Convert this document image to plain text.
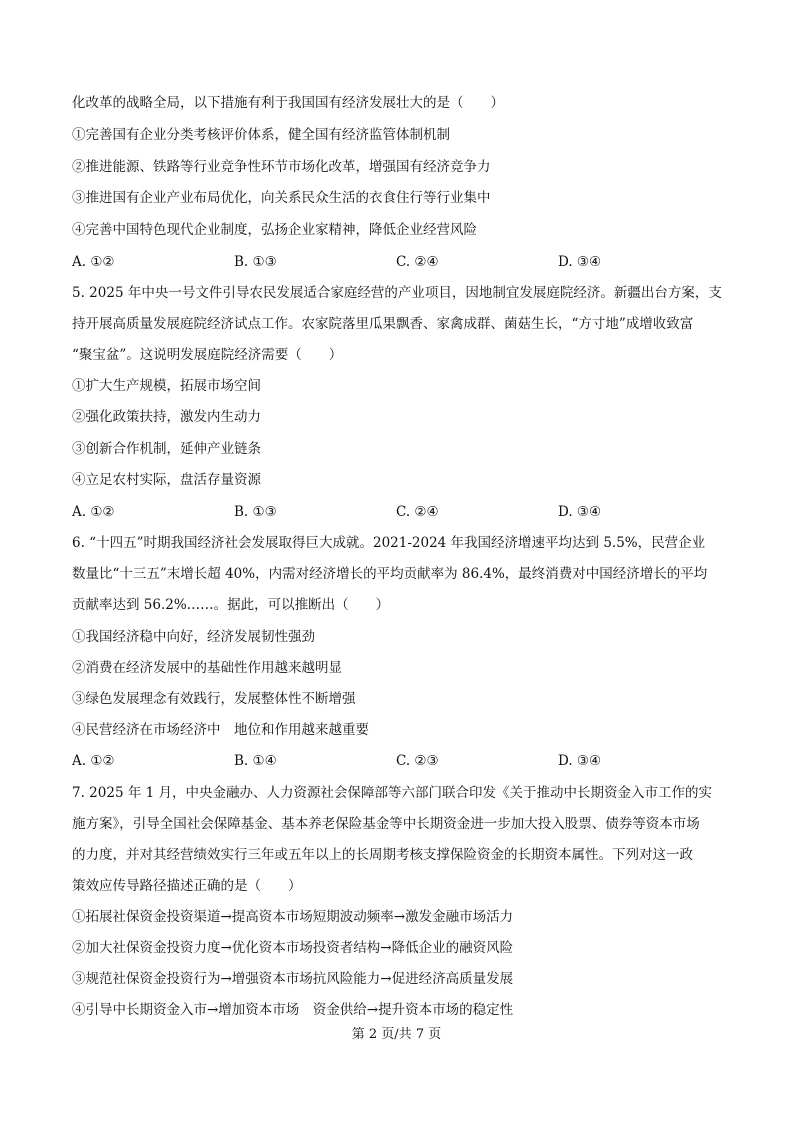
化改革的战略全局，以下措施有利于我国国有经济发展壮大的是（　　）
①完善国有企业分类考核评价体系，健全国有经济监管体制机制
②推进能源、铁路等行业竞争性环节市场化改革，增强国有经济竞争力
③推进国有企业产业布局优化，向关系民众生活的衣食住行等行业集中
④完善中国特色现代企业制度，弘扬企业家精神，降低企业经营风险
A. ①②	B. ①③	C. ②④	D. ③④
5. 2025 年中央一号文件引导农民发展适合家庭经营的产业项目，因地制宜发展庭院经济。新疆出台方案，支
持开展高质量发展庭院经济试点工作。农家院落里瓜果飘香、家禽成群、菌菇生长，“方寸地”成增收致富
“聚宝盆”。这说明发展庭院经济需要（　　）
①扩大生产规模，拓展市场空间
②强化政策扶持，激发内生动力
③创新合作机制，延伸产业链条
④立足农村实际，盘活存量资源
A. ①②	B. ①③	C. ②④	D. ③④
6. “十四五”时期我国经济社会发展取得巨大成就。2021-2024 年我国经济增速平均达到 5.5%，民营企业
数量比“十三五”末增长超 40%，内需对经济增长的平均贡献率为 86.4%，最终消费对中国经济增长的平均
贡献率达到 56.2%……。据此，可以推断出（　　）
①我国经济稳中向好，经济发展韧性强劲
②消费在经济发展中的基础性作用越来越明显
③绿色发展理念有效践行，发展整体性不断增强
④民营经济在市场经济中　地位和作用越来越重要
A. ①②	B. ①④	C. ②③	D. ③④
7. 2025 年 1 月，中央金融办、人力资源社会保障部等六部门联合印发《关于推动中长期资金入市工作的实
施方案》，引导全国社会保障基金、基本养老保险基金等中长期资金进一步加大投入股票、债券等资本市场
的力度，并对其经营绩效实行三年或五年以上的长周期考核支撑保险资金的长期资本属性。下列对这一政
策效应传导路径描述正确的是（　　）
①拓展社保资金投资渠道→提高资本市场短期波动频率→激发金融市场活力
②加大社保资金投资力度→优化资本市场投资者结构→降低企业的融资风险
③规范社保资金投资行为→增强资本市场抗风险能力→促进经济高质量发展
④引导中长期资金入市→增加资本市场　资金供给→提升资本市场的稳定性
第 2 页/共 7 页
